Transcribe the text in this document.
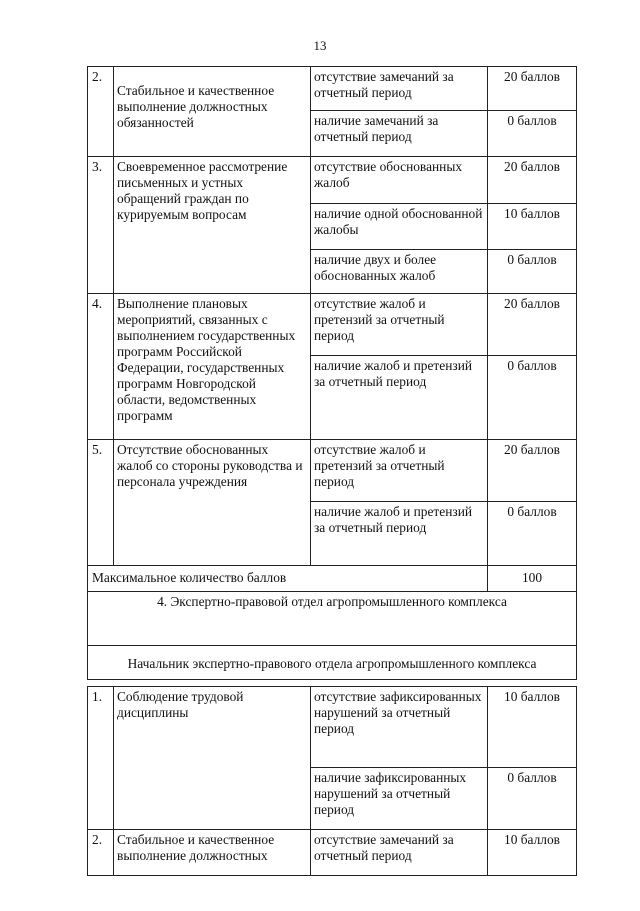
13
2.	Стабильное и качественное выполнение должностных обязанностей	отсутствие замечаний за отчетный период	20 баллов
		наличие замечаний за отчетный период	0 баллов
3.	Своевременное рассмотрение письменных и устных обращений граждан по курируемым вопросам	отсутствие обоснованных жалоб	20 баллов
		наличие одной обоснованной жалобы	10 баллов
		наличие двух и более обоснованных жалоб	0 баллов
4.	Выполнение плановых мероприятий, связанных с выполнением государственных программ Российской Федерации, государственных программ Новгородской области, ведомственных программ	отсутствие жалоб и претензий за отчетный период	20 баллов
		наличие жалоб и претензий за отчетный период	0 баллов
5.	Отсутствие обоснованных жалоб со стороны руководства и персонала учреждения	отсутствие жалоб и претензий за отчетный период	20 баллов
		наличие жалоб и претензий за отчетный период	0 баллов
Максимальное количество баллов			100
4. Экспертно-правовой отдел агропромышленного комплекса			
Начальник экспертно-правового отдела агропромышленного комплекса			
1.	Соблюдение трудовой дисциплины	отсутствие зафиксированных нарушений за отчетный период	10 баллов
		наличие зафиксированных нарушений за отчетный период	0 баллов
2.	Стабильное и качественное выполнение должностных	отсутствие замечаний за отчетный период	10 баллов
